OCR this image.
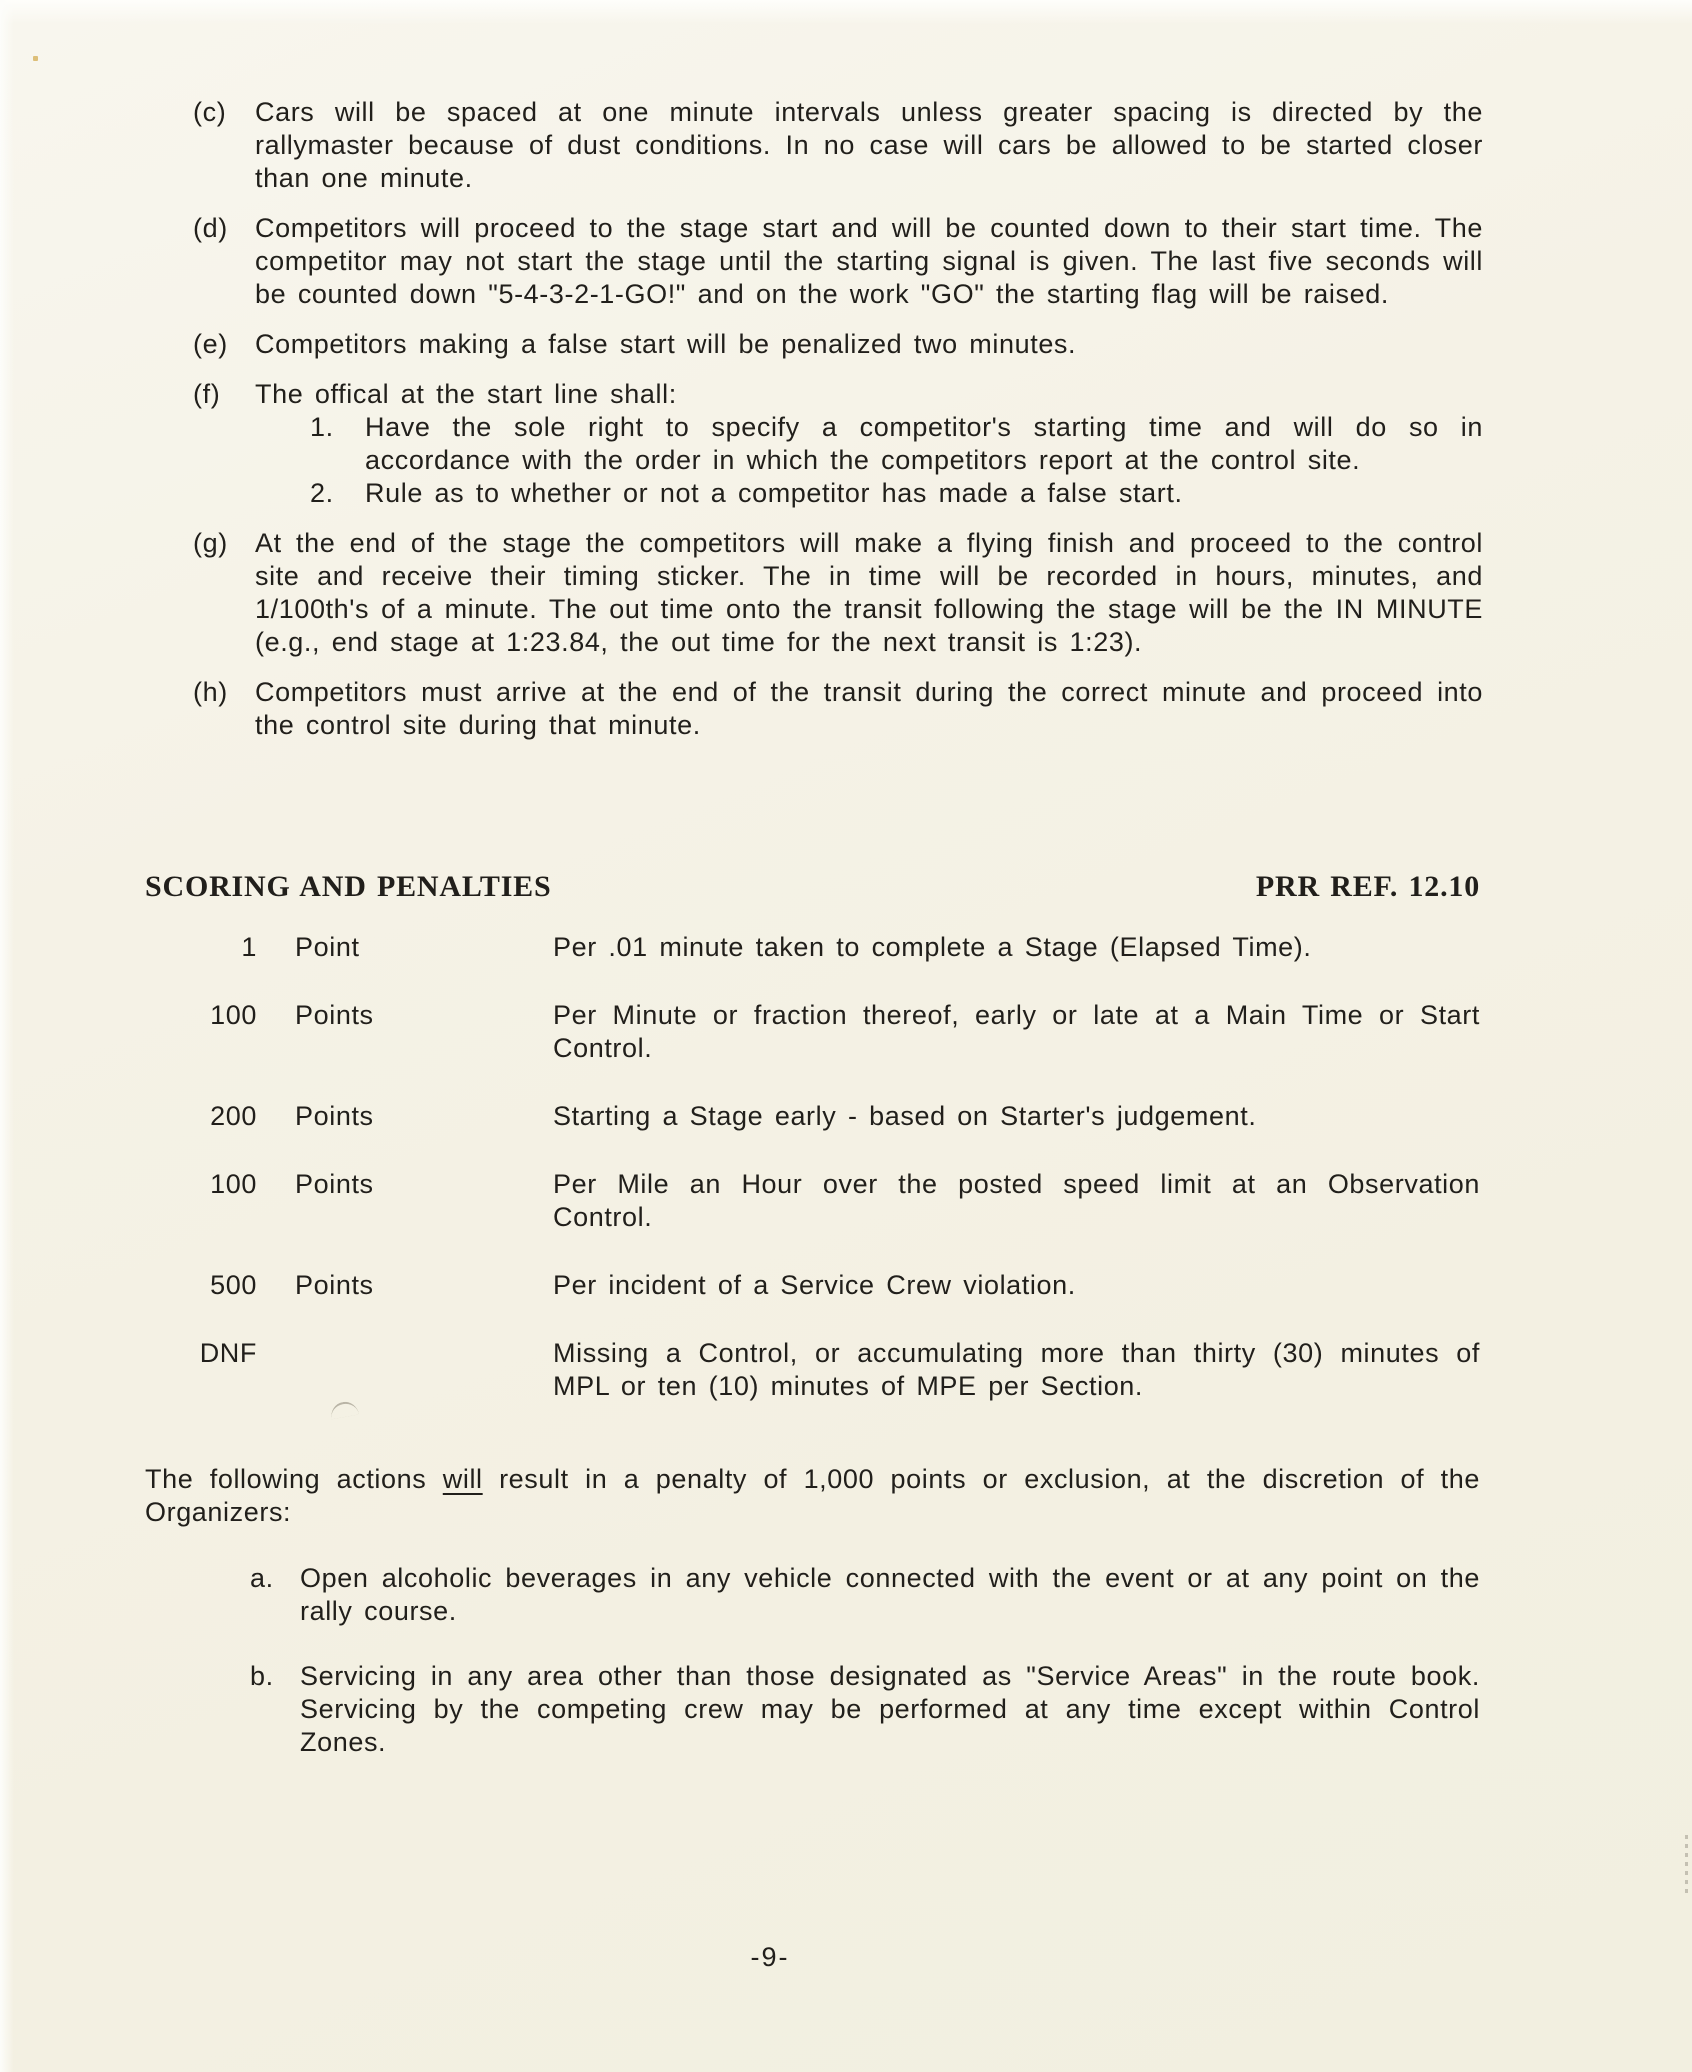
(c)	Cars will be spaced at one minute intervals unless greater spacing is directed by the rallymaster because of dust conditions. In no case will cars be allowed to be started closer than one minute.
(d)	Competitors will proceed to the stage start and will be counted down to their start time. The competitor may not start the stage until the starting signal is given. The last five seconds will be counted down "5-4-3-2-1-GO!" and on the work "GO" the starting flag will be raised.
(e)	Competitors making a false start will be penalized two minutes.
(f)	The offical at the start line shall:
1.	Have the sole right to specify a competitor's starting time and will do so in accordance with the order in which the competitors report at the control site.
2.	Rule as to whether or not a competitor has made a false start.
(g)	At the end of the stage the competitors will make a flying finish and proceed to the control site and receive their timing sticker. The in time will be recorded in hours, minutes, and 1/100th's of a minute. The out time onto the transit following the stage will be the IN MINUTE (e.g., end stage at 1:23.84, the out time for the next transit is 1:23).
(h)	Competitors must arrive at the end of the transit during the correct minute and proceed into the control site during that minute.
SCORING AND PENALTIES	PRR REF. 12.10
1 Point	Per .01 minute taken to complete a Stage (Elapsed Time).
100 Points	Per Minute or fraction thereof, early or late at a Main Time or Start Control.
200 Points	Starting a Stage early - based on Starter's judgement.
100 Points	Per Mile an Hour over the posted speed limit at an Observation Control.
500 Points	Per incident of a Service Crew violation.
DNF	Missing a Control, or accumulating more than thirty (30) minutes of MPL or ten (10) minutes of MPE per Section.
The following actions will result in a penalty of 1,000 points or exclusion, at the discretion of the Organizers:
a. Open alcoholic beverages in any vehicle connected with the event or at any point on the rally course.
b. Servicing in any area other than those designated as "Service Areas" in the route book. Servicing by the competing crew may be performed at any time except within Control Zones.
-9-
